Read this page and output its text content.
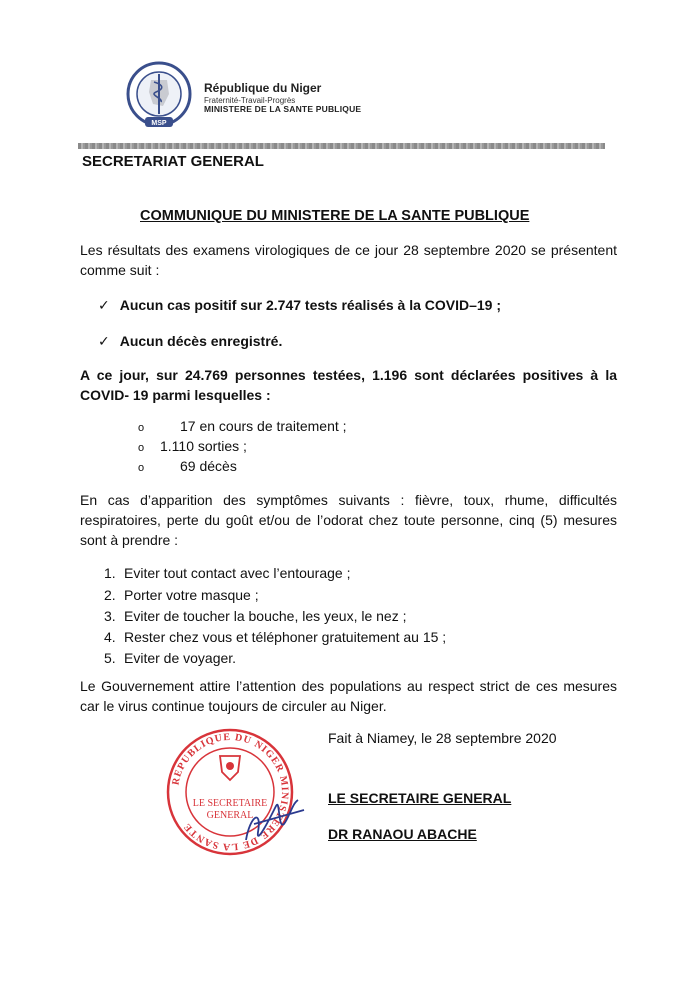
MSP
République du Niger
Fraternité-Travail-Progrès
MINISTERE DE LA SANTE PUBLIQUE
SECRETARIAT GENERAL
COMMUNIQUE DU MINISTERE DE LA SANTE PUBLIQUE
Les résultats des examens virologiques de ce jour 28 septembre 2020 se présentent comme suit :
✓ Aucun cas positif sur 2.747 tests réalisés à la COVID–19 ;
✓ Aucun décès enregistré.
A ce jour, sur 24.769 personnes testées, 1.196 sont déclarées positives à la COVID- 19 parmi lesquelles :
o	17 en cours de traitement ;
o 1.110 sorties ;
o	69 décès
En cas d’apparition des symptômes suivants : fièvre, toux, rhume, difficultés respiratoires, perte du goût et/ou de l’odorat chez toute personne, cinq (5) mesures sont à prendre :
1. Eviter tout contact avec l’entourage ;
2. Porter votre masque ;
3. Eviter de toucher la bouche, les yeux, le nez ;
4. Rester chez vous et téléphoner gratuitement au 15 ;
5. Eviter de voyager.
Le Gouvernement attire l’attention des populations au respect strict de ces mesures car le virus continue toujours de circuler au Niger.
Fait à Niamey, le 28 septembre 2020
REPUBLIQUE DU NIGER MINISTERE DE LA SANTE
LE SECRETAIRE
GENERAL
LE SECRETAIRE GENERAL
DR RANAOU ABACHE
